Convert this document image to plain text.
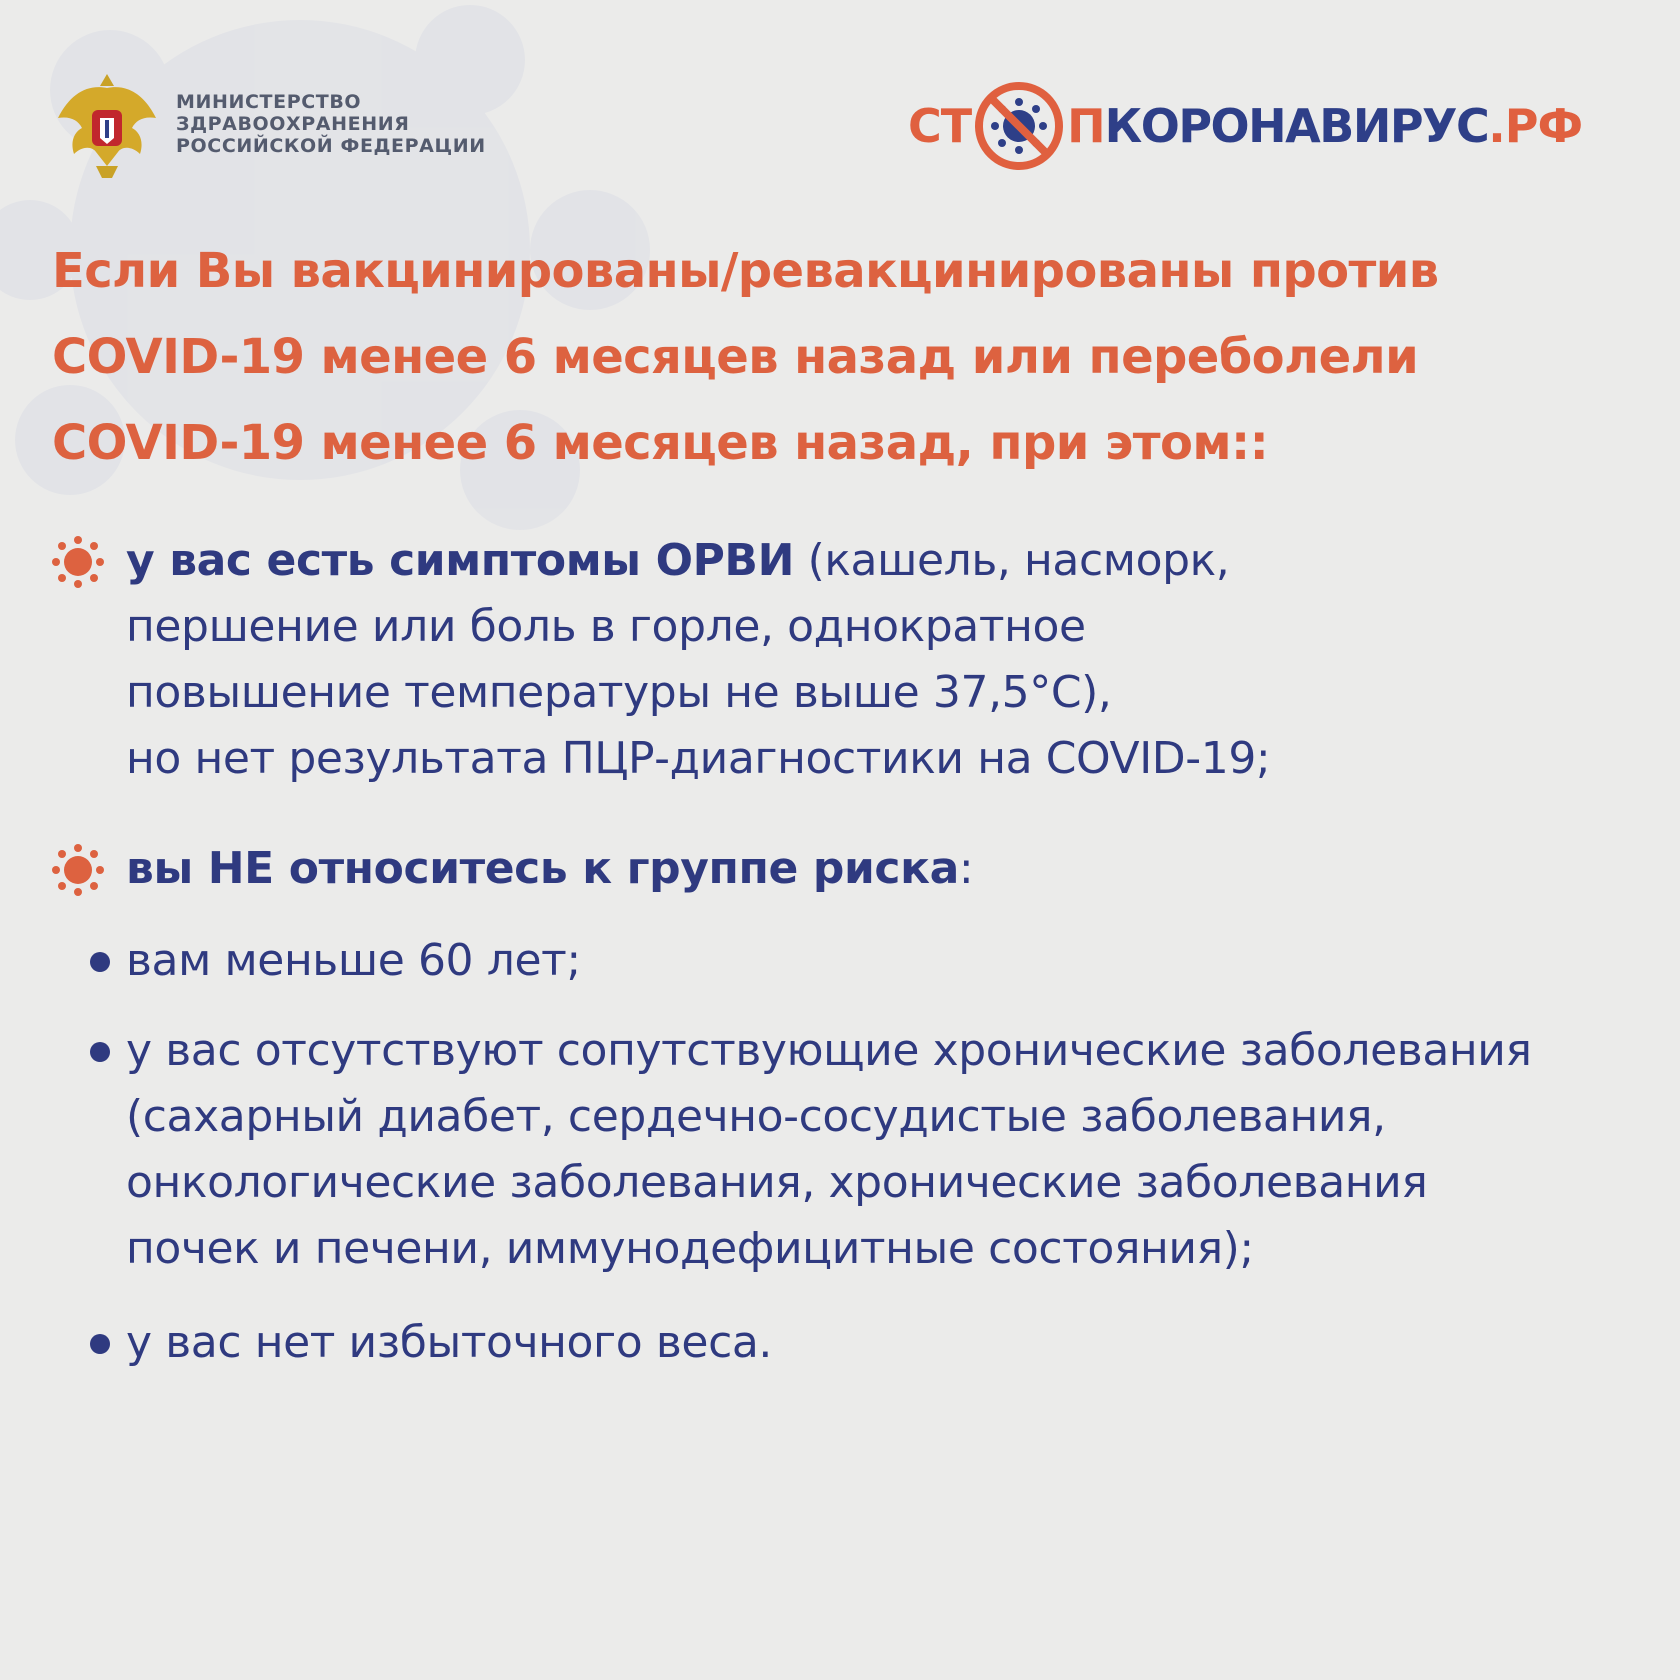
МИНИСТЕРСТВО
ЗДРАВООХРАНЕНИЯ
РОССИЙСКОЙ ФЕДЕРАЦИИ	СТ П КОРОНАВИРУС .РФ
Если Вы вакцинированы/ревакцинированы против
COVID-19 менее 6 месяцев назад или переболели
COVID-19 менее 6 месяцев назад, при этом::
у вас есть симптомы ОРВИ (кашель, насморк,
першение или боль в горле, однократное
повышение температуры не выше 37,5°С),
но нет результата ПЦР-диагностики на COVID-19;
вы НЕ относитесь к группе риска:
вам меньше 60 лет;
у вас отсутствуют сопутствующие хронические заболевания
(сахарный диабет, сердечно-сосудистые заболевания,
онкологические заболевания, хронические заболевания
почек и печени, иммунодефицитные состояния);
у вас нет избыточного веса.
